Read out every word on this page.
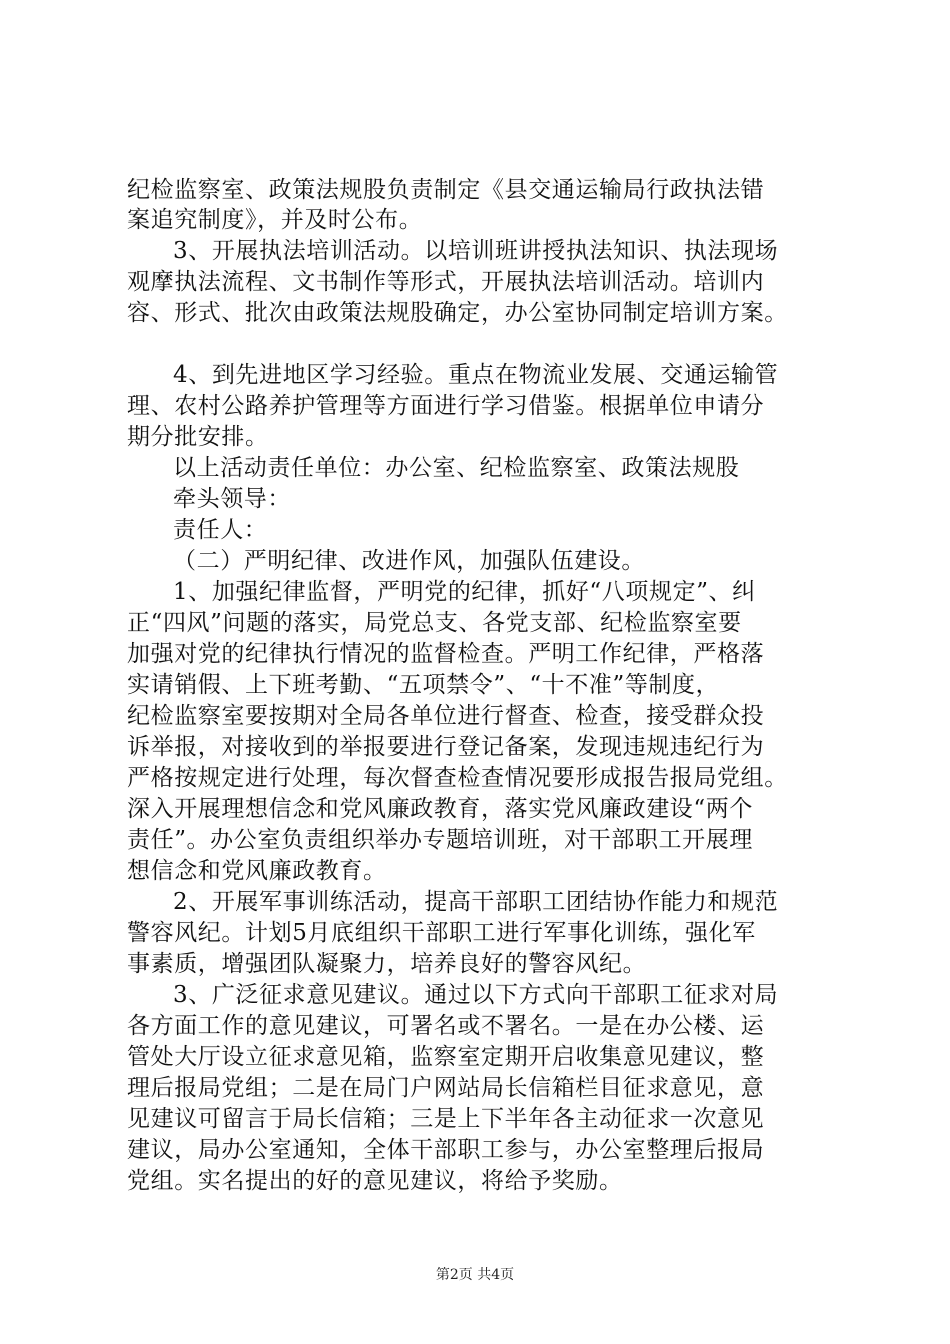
纪检监察室、政策法规股负责制定《县交通运输局行政执法错
案追究制度》，并及时公布。
3、开展执法培训活动。以培训班讲授执法知识、执法现场
观摩执法流程、文书制作等形式，开展执法培训活动。培训内
容、形式、批次由政策法规股确定，办公室协同制定培训方案。
4、到先进地区学习经验。重点在物流业发展、交通运输管
理、农村公路养护管理等方面进行学习借鉴。根据单位申请分
期分批安排。
以上活动责任单位：办公室、纪检监察室、政策法规股
牵头领导：
责任人：
（二）严明纪律、改进作风，加强队伍建设。
1、加强纪律监督，严明党的纪律，抓好“八项规定”、纠
正“四风”问题的落实，局党总支、各党支部、纪检监察室要
加强对党的纪律执行情况的监督检查。严明工作纪律，严格落
实请销假、上下班考勤、“五项禁令”、“十不准”等制度，
纪检监察室要按期对全局各单位进行督查、检查，接受群众投
诉举报，对接收到的举报要进行登记备案，发现违规违纪行为
严格按规定进行处理，每次督查检查情况要形成报告报局党组。
深入开展理想信念和党风廉政教育，落实党风廉政建设“两个
责任”。办公室负责组织举办专题培训班，对干部职工开展理
想信念和党风廉政教育。
2、开展军事训练活动，提高干部职工团结协作能力和规范
警容风纪。计划5月底组织干部职工进行军事化训练，强化军
事素质，增强团队凝聚力，培养良好的警容风纪。
3、广泛征求意见建议。通过以下方式向干部职工征求对局
各方面工作的意见建议，可署名或不署名。一是在办公楼、运
管处大厅设立征求意见箱，监察室定期开启收集意见建议，整
理后报局党组；二是在局门户网站局长信箱栏目征求意见，意
见建议可留言于局长信箱；三是上下半年各主动征求一次意见
建议，局办公室通知，全体干部职工参与，办公室整理后报局
党组。实名提出的好的意见建议，将给予奖励。
第2页 共4页
